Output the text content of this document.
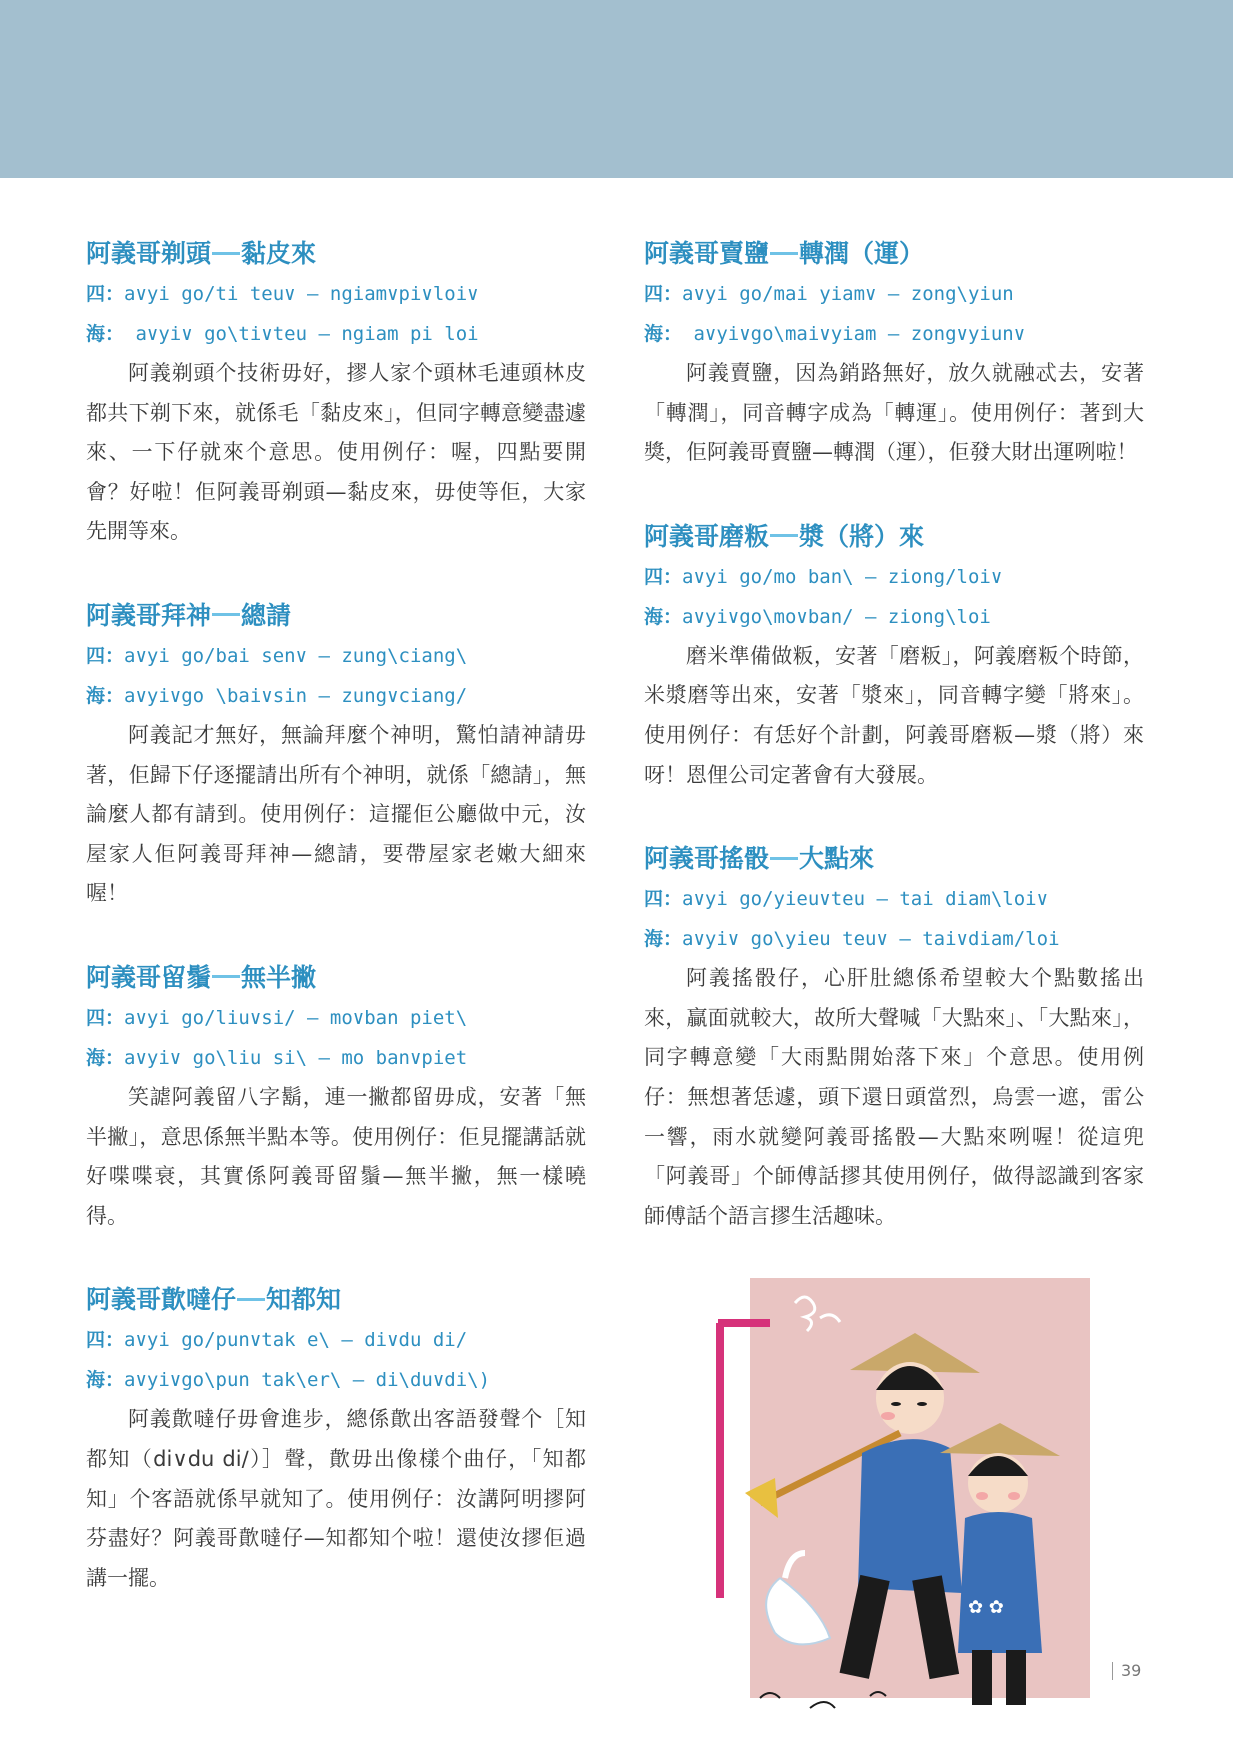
阿義哥剃頭 黏皮來
四：a∨yi go∕ti teu∨ — ngiam∨pi∨loi∨
海： a∨yi∨ go\ti∨teu — ngiam pi loi
阿義剃頭个技術毋好，摎人家个頭林毛連頭林皮都共下剃下來，就係毛「黏皮來」，但同字轉意變盡遽來、一下仔就來个意思。使用例仔：喔，四點要開會？好啦！佢阿義哥剃頭—黏皮來，毋使等佢，大家先開等來。
阿義哥拜神 總請
四：a∨yi go∕bai sen∨ — zung\ciang\
海：a∨yi∨go \bai∨sin — zung∨ciang∕
阿義記才無好，無論拜麼个神明，驚怕請神請毋著，佢歸下仔逐擺請出所有个神明，就係「總請」，無論麼人都有請到。使用例仔：這擺佢公廳做中元，汝屋家人佢阿義哥拜神—總請，要帶屋家老嫩大細來喔！
阿義哥留鬚 無半撇
四：a∨yi go∕liu∨si∕ — mo∨ban piet\
海：a∨yi∨ go\liu si\ — mo ban∨piet
笑謔阿義留八字鬍，連一撇都留毋成，安著「無半撇」，意思係無半點本等。使用例仔：佢見擺講話就好喋喋衰，其實係阿義哥留鬚—無半撇，無一樣曉得。
阿義哥歕噠仔 知都知
四：a∨yi go∕pun∨tak e\ — di∨du di∕
海：a∨yi∨go\pun tak\er\ — di\du∨di\)
阿義歕噠仔毋會進步，總係歕出客語發聲个［知都知（di∨du di∕）］聲，歕毋出像樣个曲仔，「知都知」个客語就係早就知了。使用例仔：汝講阿明摎阿芬盡好？阿義哥歕噠仔—知都知个啦！還使汝摎佢過講一擺。
阿義哥賣鹽 轉潤（運）
四：a∨yi go∕mai yiam∨ — zong\yiun
海： a∨yi∨go\mai∨yiam — zong∨yiun∨
阿義賣鹽，因為銷路無好，放久就融忒去，安著「轉潤」，同音轉字成為「轉運」。使用例仔：著到大獎，佢阿義哥賣鹽—轉潤（運），佢發大財出運咧啦！
阿義哥磨粄 漿（將）來
四：a∨yi go∕mo ban\ — ziong∕loi∨
海：a∨yi∨go\mo∨ban∕ — ziong\loi
磨米準備做粄，安著「磨粄」，阿義磨粄个時節，米漿磨等出來，安著「漿來」，同音轉字變「將來」。使用例仔：有恁好个計劃，阿義哥磨粄—漿（將）來呀！恩俚公司定著會有大發展。
阿義哥搖骰 大點來
四：a∨yi go∕yieu∨teu — tai diam\loi∨
海：a∨yi∨ go\yieu teu∨ — tai∨diam∕loi
阿義搖骰仔，心肝肚總係希望較大个點數搖出來，贏面就較大，故所大聲喊「大點來」、「大點來」，同字轉意變「大雨點開始落下來」个意思。使用例仔：無想著恁遽，頭下還日頭當烈，烏雲一遮，雷公一響，雨水就變阿義哥搖骰—大點來咧喔！從這兜「阿義哥」个師傅話摎其使用例仔，做得認識到客家師傅話个語言摎生活趣味。
✿ ✿
39
